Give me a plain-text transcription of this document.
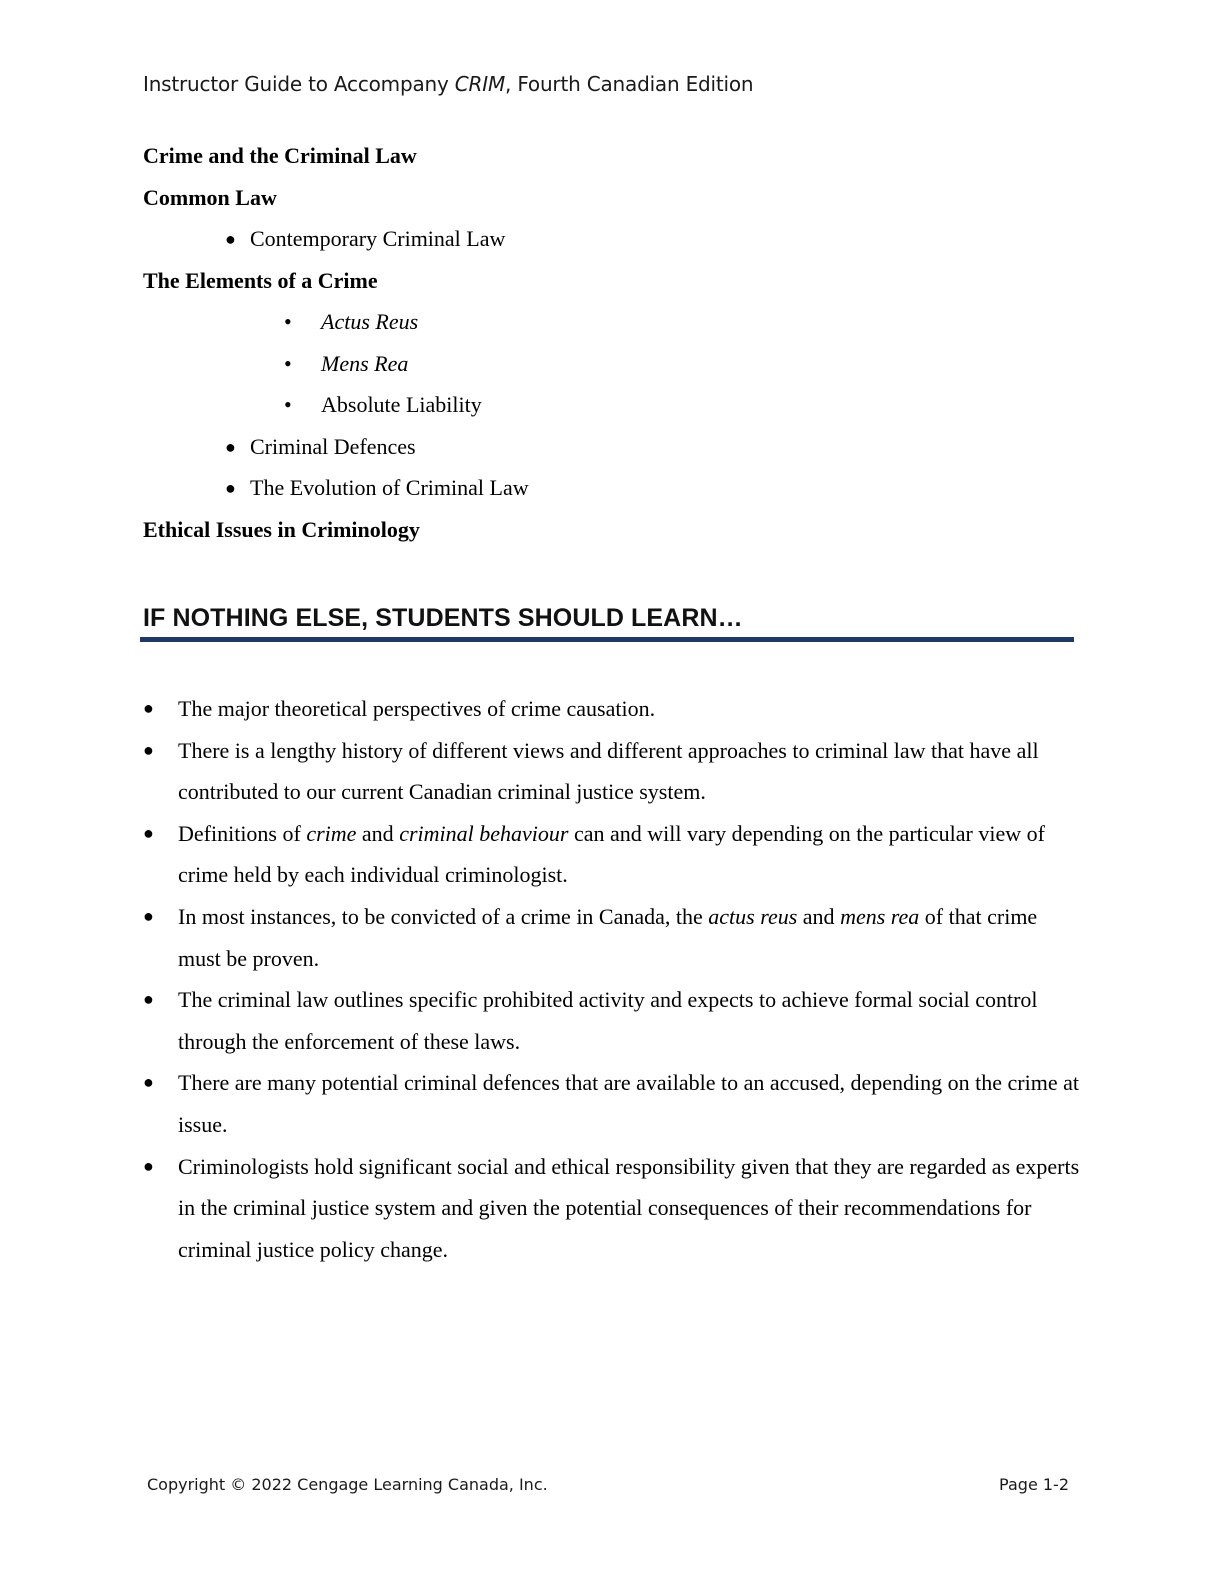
Instructor Guide to Accompany CRIM, Fourth Canadian Edition
Crime and the Criminal Law
Common Law
● Contemporary Criminal Law
The Elements of a Crime
• Actus Reus
• Mens Rea
• Absolute Liability
● Criminal Defences
● The Evolution of Criminal Law
Ethical Issues in Criminology
IF NOTHING ELSE, STUDENTS SHOULD LEARN…
● The major theoretical perspectives of crime causation.
● There is a lengthy history of different views and different approaches to criminal law that have all contributed to our current Canadian criminal justice system.
● Definitions of crime and criminal behaviour can and will vary depending on the particular view of crime held by each individual criminologist.
● In most instances, to be convicted of a crime in Canada, the actus reus and mens rea of that crime must be proven.
● The criminal law outlines specific prohibited activity and expects to achieve formal social control through the enforcement of these laws.
● There are many potential criminal defences that are available to an accused, depending on the crime at issue.
● Criminologists hold significant social and ethical responsibility given that they are regarded as experts in the criminal justice system and given the potential consequences of their recommendations for criminal justice policy change.
Copyright © 2022 Cengage Learning Canada, Inc.	Page 1-2
